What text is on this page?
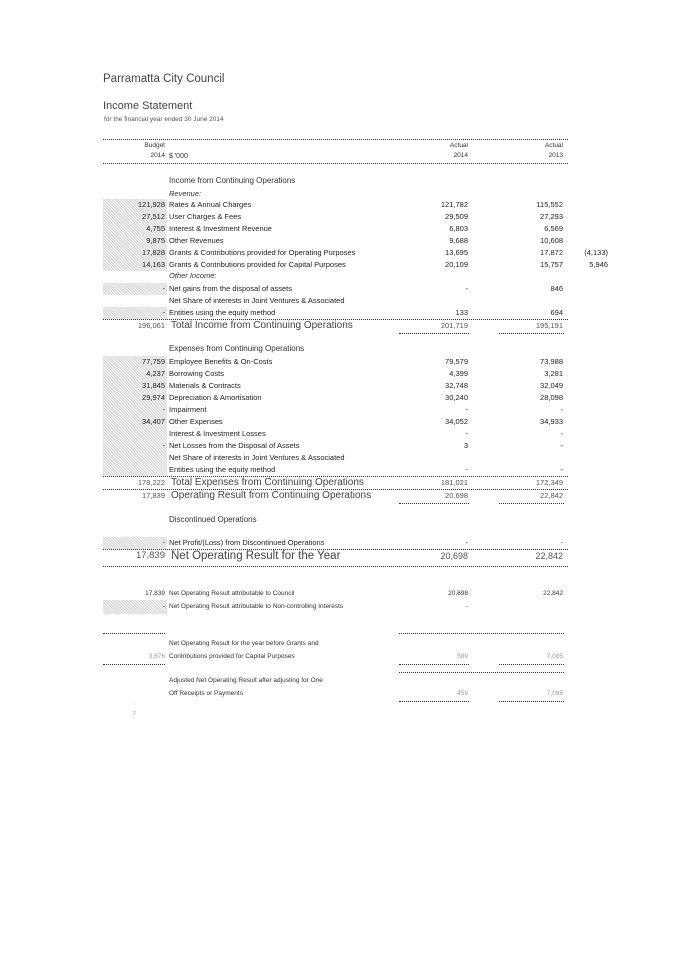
Parramatta City Council
Income Statement
for the financial year ended 30 June 2014
Budget
2014 $ '000
Actual
2014
Actual
2013
Income from Continuing Operations
Revenue:
121,928 Rates & Annual Charges	121,782	115,552
27,512 User Charges & Fees	29,509	27,293
4,755 Interest & Investment Revenue	6,803	6,569
9,875 Other Revenues	9,688	10,608
17,828 Grants & Contributions provided for Operating Purposes	13,695	17,872	(4,133)
14,163 Grants & Contributions provided for Capital Purposes	20,109	15,757	5,946
Other Income:
- Net gains from the disposal of assets	-	846
Net Share of interests in Joint Ventures & Associated
- Entities using the equity method	133	694
196,061 Total Income from Continuing Operations	201,719	195,191
Expenses from Continuing Operations
77,759 Employee Benefits & On-Costs	79,579	73,988
4,237 Borrowing Costs	4,399	3,281
31,845 Materials & Contracts	32,748	32,049
29,974 Depreciation & Amortisation	30,240	28,098
- Impairment	-	-
34,407 Other Expenses	34,052	34,933
Interest & Investment Losses	-	-
- Net Losses from the Disposal of Assets	3	-
Net Share of interests in Joint Ventures & Associated
Entities using the equity method	-	-
178,222 Total Expenses from Continuing Operations	181,021	172,349
17,839 Operating Result from Continuing Operations	20,698	22,842
Discontinued Operations
- Net Profit/(Loss) from Discontinued Operations	-	-
17,839 Net Operating Result for the Year	20,698	22,842
17,839 Net Operating Result attributable to Council	20,698	22,842
- Net Operating Result attributable to Non-controlling Interests	-
Net Operating Result for the year before Grants and
3,676 Contributions provided for Capital Purposes	589	7,085
Adjusted Net Operating Result after adjusting for One
Off Receipts or Payments	459	7,098
,
2
